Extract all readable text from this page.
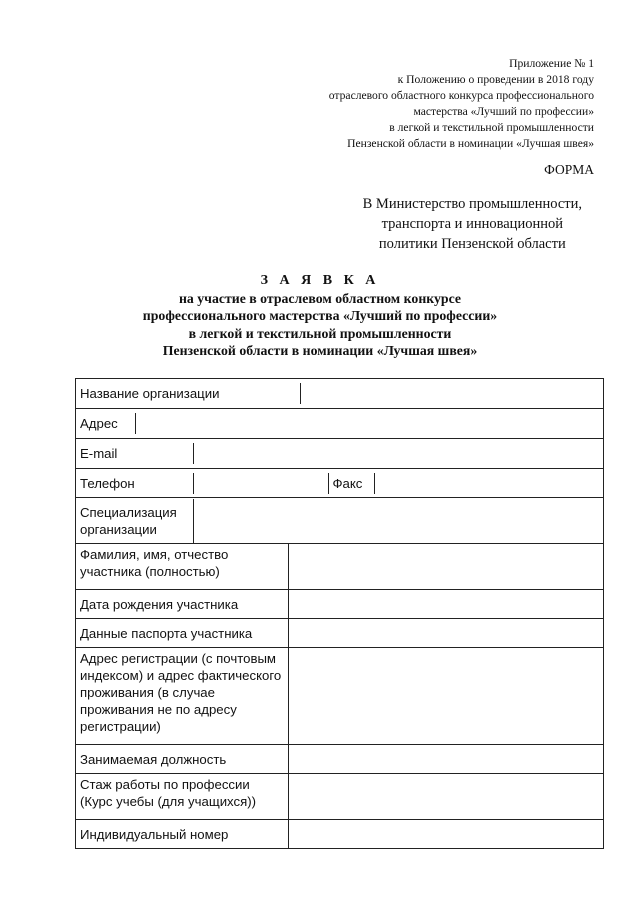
Приложение № 1
к Положению о проведении в 2018 году
отраслевого областного конкурса профессионального
мастерства «Лучший по профессии»
в легкой и текстильной промышленности
Пензенской области в номинации «Лучшая швея»
ФОРМА
В Министерство промышленности,
транспорта и инновационной
политики Пензенской области
З А Я В К А
на участие в отраслевом областном конкурсе
профессионального мастерства «Лучший по профессии»
в легкой и текстильной промышленности
Пензенской области в номинации «Лучшая швея»
Название организации	

Адрес	

E-mail	

Телефон		Факс	

Специализация организации	

Фамилия, имя, отчество участника (полностью)	
Дата рождения участника	
Данные паспорта участника	
Адрес регистрации (с почтовым индексом) и адрес фактического проживания (в случае проживания не по адресу регистрации)	
Занимаемая должность	
Стаж работы по профессии (Курс учебы (для учащихся))	
Индивидуальный номер	
